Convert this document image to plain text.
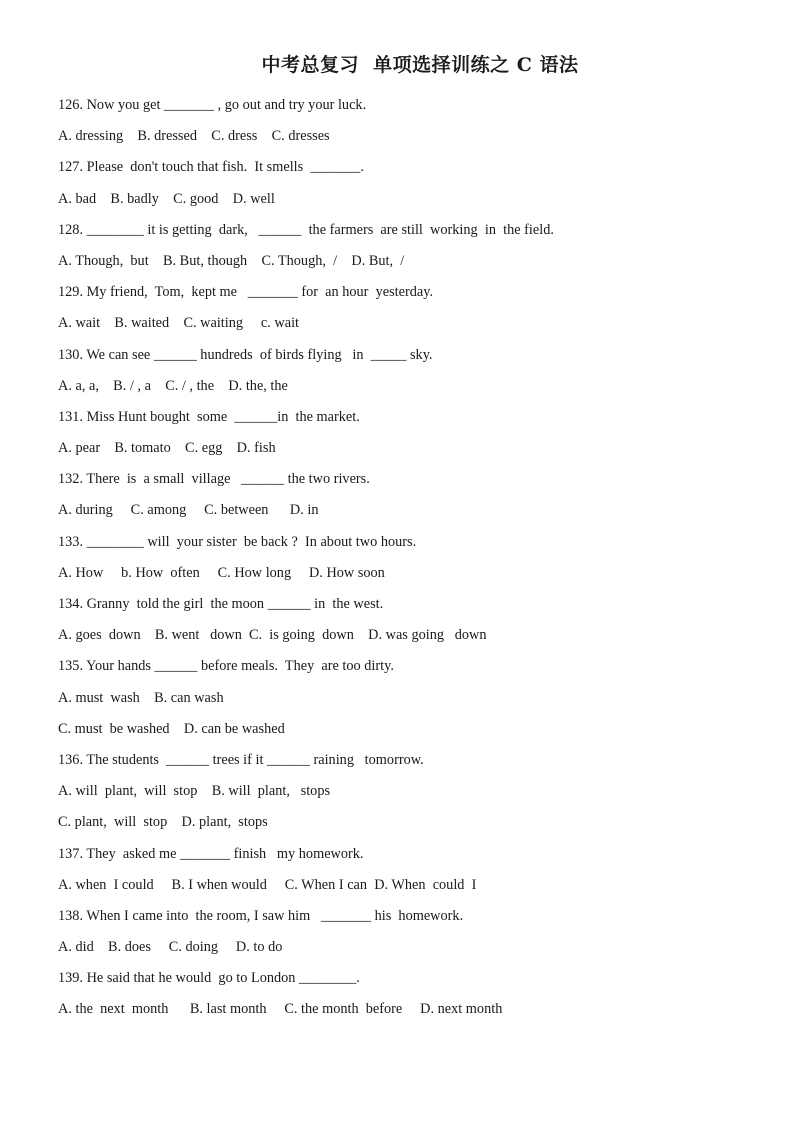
中考总复习  单项选择训练之 C 语法
126. Now you get _______ , go out and try your luck.
A. dressing    B. dressed    C. dress    C. dresses
127. Please  don't touch that fish.  It smells  _______.
A. bad    B. badly    C. good    D. well
128. ________ it is getting  dark,   ______  the farmers  are still  working  in  the field.
A. Though,  but    B. But, though    C. Though,  /    D. But,  /
129. My friend,  Tom,  kept me   _______ for  an hour  yesterday.
A. wait    B. waited    C. waiting     c. wait
130. We can see ______ hundreds  of birds flying   in  _____ sky.
A. a, a,    B. / , a    C. / , the    D. the, the
131. Miss Hunt bought  some  ______in  the market.
A. pear    B. tomato    C. egg    D. fish
132. There  is  a small  village   ______ the two rivers.
A. during     C. among     C. between      D. in
133. ________ will  your sister  be back ?  In about two hours.
A. How     b. How  often     C. How long     D. How soon
134. Granny  told the girl  the moon ______ in  the west.
A. goes  down    B. went   down  C.  is going  down    D. was going   down
135. Your hands ______ before meals.  They  are too dirty.
A. must  wash    B. can wash
C. must  be washed    D. can be washed
136. The students  ______ trees if it ______ raining   tomorrow.
A. will  plant,  will  stop    B. will  plant,   stops
C. plant,  will  stop    D. plant,  stops
137. They  asked me _______ finish   my homework.
A. when  I could     B. I when would     C. When I can  D. When  could  I
138. When I came into  the room, I saw him   _______ his  homework.
A. did    B. does     C. doing     D. to do
139. He said that he would  go to London ________.
A. the  next  month      B. last month     C. the month  before     D. next month
